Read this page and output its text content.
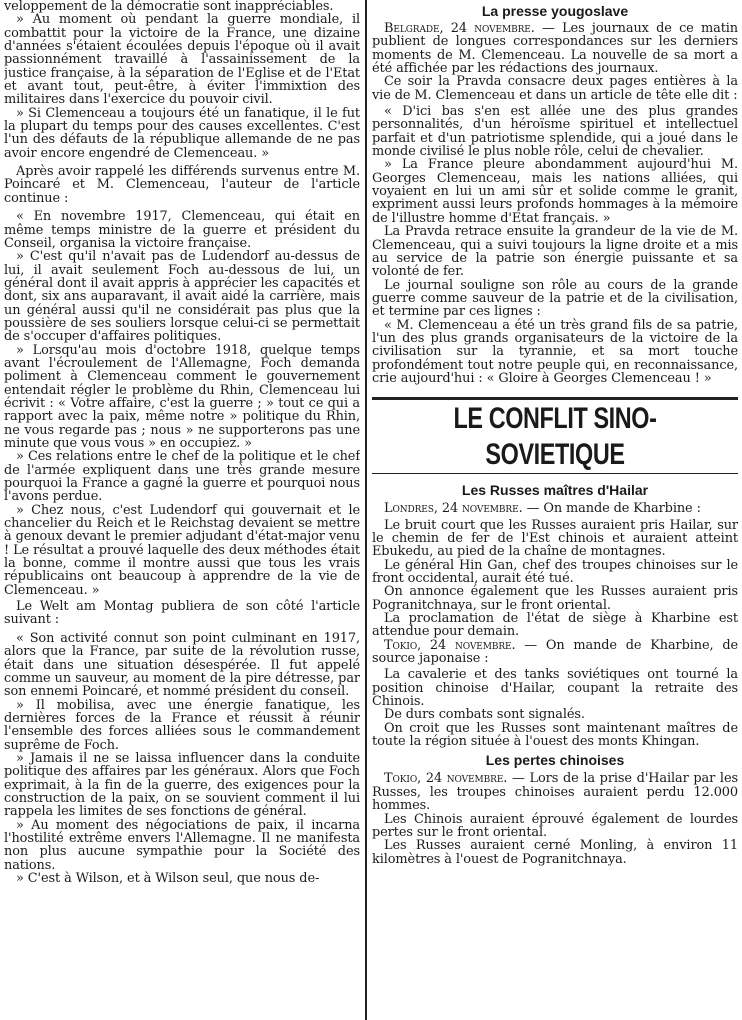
veloppement de la démocratie sont inappréciables.

» Au moment où pendant la guerre mondiale, il combattit pour la victoire de la France, une dizaine d'années s'étaient écoulées depuis l'époque où il avait passionnément travaillé à l'assainissement de la justice française, à la séparation de l'Eglise et de l'Etat et avant tout, peut-être, à éviter l'immixtion des militaires dans l'exercice du pouvoir civil.

» Si Clemenceau a toujours été un fanatique, il le fut la plupart du temps pour des causes excellentes. C'est l'un des défauts de la république allemande de ne pas avoir encore engendré de Clemenceau. »

Après avoir rappelé les différends survenus entre M. Poincaré et M. Clemenceau, l'auteur de l'article continue :

« En novembre 1917, Clemenceau, qui était en même temps ministre de la guerre et président du Conseil, organisa la victoire française.

» C'est qu'il n'avait pas de Ludendorf au-dessus de lui, il avait seulement Foch au-dessous de lui, un général dont il avait appris à apprécier les capacités et dont, six ans auparavant, il avait aidé la carrière, mais un général aussi qu'il ne considérait pas plus que la poussière de ses souliers lorsque celui-ci se permettait de s'occuper d'affaires politiques.

» Lorsqu'au mois d'octobre 1918, quelque temps avant l'écroulement de l'Allemagne, Foch demanda poliment à Clemenceau comment le gouvernement entendait régler le problème du Rhin, Clemenceau lui écrivit : « Votre affaire, c'est la guerre ; » tout ce qui a rapport avec la paix, même notre » politique du Rhin, ne vous regarde pas ; nous » ne supporterons pas une minute que vous vous » en occupiez. »

» Ces relations entre le chef de la politique et le chef de l'armée expliquent dans une très grande mesure pourquoi la France a gagné la guerre et pourquoi nous l'avons perdue.

» Chez nous, c'est Ludendorf qui gouvernait et le chancelier du Reich et le Reichstag devaient se mettre à genoux devant le premier adjudant d'état-major venu ! Le résultat a prouvé laquelle des deux méthodes était la bonne, comme il montre aussi que tous les vrais républicains ont beaucoup à apprendre de la vie de Clemenceau. »

Le Welt am Montag publiera de son côté l'article suivant :

« Son activité connut son point culminant en 1917, alors que la France, par suite de la révolution russe, était dans une situation désespérée. Il fut appelé comme un sauveur, au moment de la pire détresse, par son ennemi Poincaré, et nommé président du conseil.

» Il mobilisa, avec une énergie fanatique, les dernières forces de la France et réussit à réunir l'ensemble des forces alliées sous le commandement suprême de Foch.

» Jamais il ne se laissa influencer dans la conduite politique des affaires par les généraux. Alors que Foch exprimait, à la fin de la guerre, des exigences pour la construction de la paix, on se souvient comment il lui rappela les limites de ses fonctions de général.

» Au moment des négociations de paix, il incarna l'hostilité extrême envers l'Allemagne. Il ne manifesta non plus aucune sympathie pour la Société des nations.

» C'est à Wilson, et à Wilson seul, que nous de-

La presse yougoslave

Belgrade, 24 novembre. — Les journaux de ce matin publient de longues correspondances sur les derniers moments de M. Clemenceau. La nouvelle de sa mort a été affichée par les rédactions des journaux.

Ce soir la Pravda consacre deux pages entières à la vie de M. Clemenceau et dans un article de tête elle dit :

« D'ici bas s'en est allée une des plus grandes personnalités, d'un héroïsme spirituel et intellectuel parfait et d'un patriotisme splendide, qui a joué dans le monde civilisé le plus noble rôle, celui de chevalier.

» La France pleure abondamment aujourd'hui M. Georges Clemenceau, mais les nations alliées, qui voyaient en lui un ami sûr et solide comme le granit, expriment aussi leurs profonds hommages à la mémoire de l'illustre homme d'Etat français. »

La Pravda retrace ensuite la grandeur de la vie de M. Clemenceau, qui a suivi toujours la ligne droite et a mis au service de la patrie son énergie puissante et sa volonté de fer.

Le journal souligne son rôle au cours de la grande guerre comme sauveur de la patrie et de la civilisation, et termine par ces lignes :

« M. Clemenceau a été un très grand fils de sa patrie, l'un des plus grands organisateurs de la victoire de la civilisation sur la tyrannie, et sa mort touche profondément tout notre peuple qui, en reconnaissance, crie aujourd'hui : « Gloire à Georges Clemenceau ! »

LE CONFLIT SINO-SOVIETIQUE
Les Russes maîtres d'Hailar

Londres, 24 novembre. — On mande de Kharbine :

Le bruit court que les Russes auraient pris Hailar, sur le chemin de fer de l'Est chinois et auraient atteint Ebukedu, au pied de la chaîne de montagnes.

Le général Hin Gan, chef des troupes chinoises sur le front occidental, aurait été tué.

On annonce également que les Russes auraient pris Pogranitchnaya, sur le front oriental.

La proclamation de l'état de siège à Kharbine est attendue pour demain.

Tokio, 24 novembre. — On mande de Kharbine, de source japonaise :

La cavalerie et des tanks soviétiques ont tourné la position chinoise d'Hailar, coupant la retraite des Chinois.

De durs combats sont signalés.

On croit que les Russes sont maintenant maîtres de toute la région située à l'ouest des monts Khingan.

Les pertes chinoises

Tokio, 24 novembre. — Lors de la prise d'Hailar par les Russes, les troupes chinoises auraient perdu 12.000 hommes.

Les Chinois auraient éprouvé également de lourdes pertes sur le front oriental.

Les Russes auraient cerné Monling, à environ 11 kilomètres à l'ouest de Pogranitchnaya.
